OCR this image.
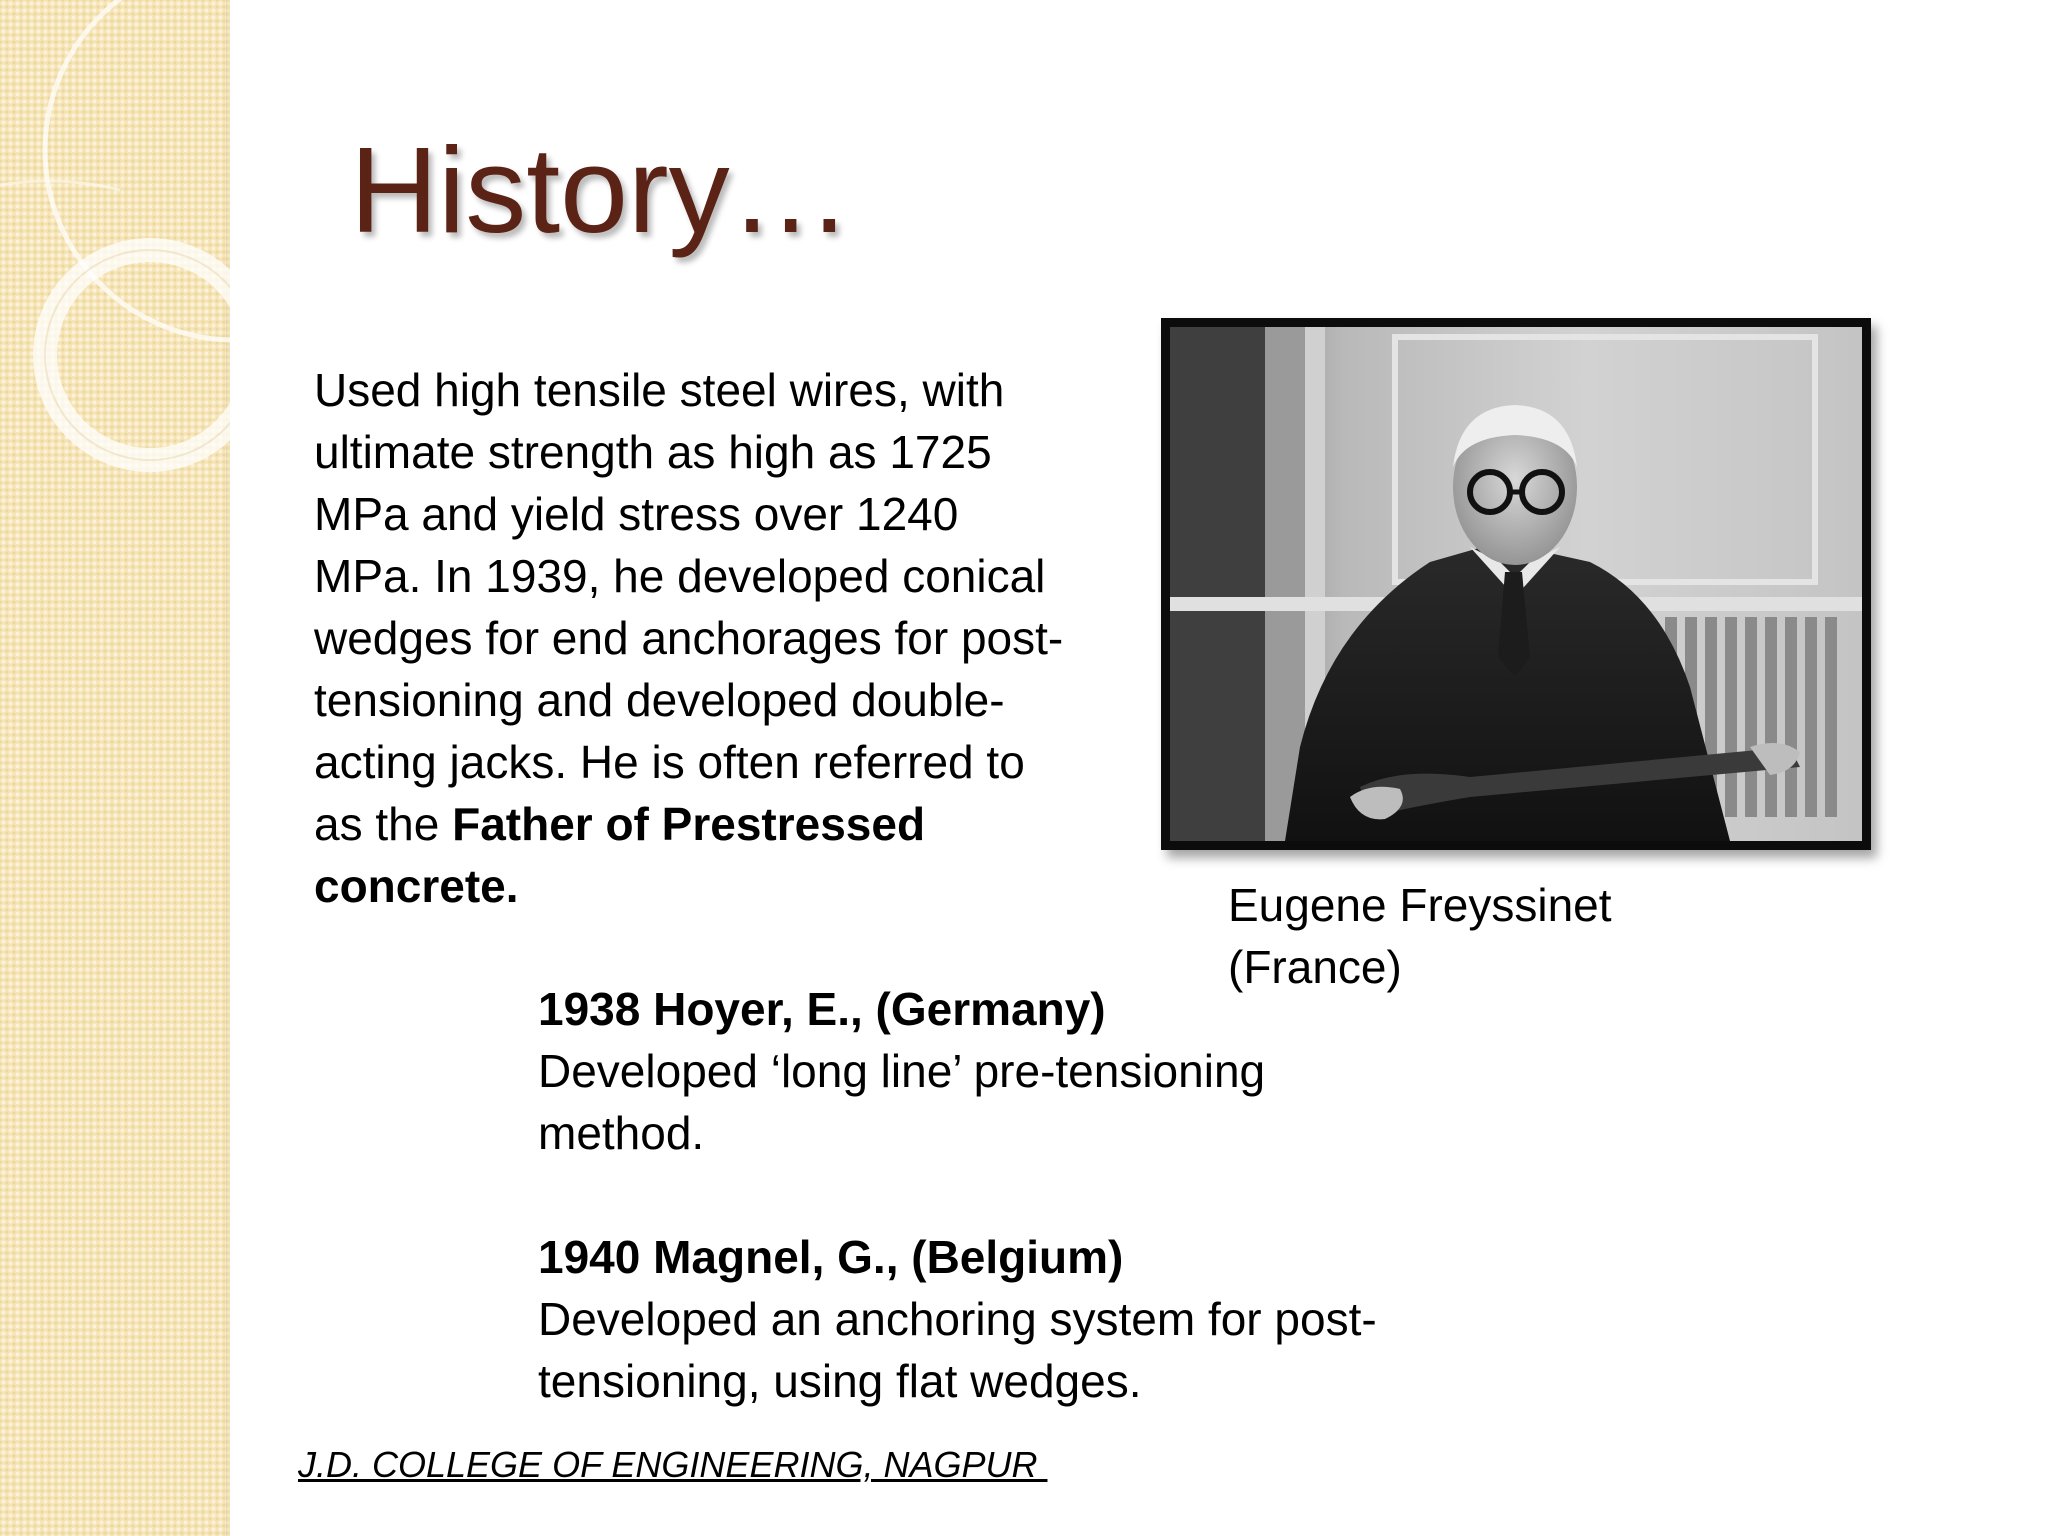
History…

Used high tensile steel wires, with ultimate strength as high as 1725 MPa and yield stress over 1240 MPa. In 1939, he developed conical wedges for end anchorages for post-tensioning and developed double-acting jacks. He is often referred to as the Father of Prestressed concrete.	Eugene Freyssinet
(France)
1938 Hoyer, E., (Germany)
Developed ‘long line’ pre-tensioning method.
1940 Magnel, G., (Belgium)
Developed an anchoring system for post-tensioning, using flat wedges.
J.D. COLLEGE OF ENGINEERING, NAGPUR
